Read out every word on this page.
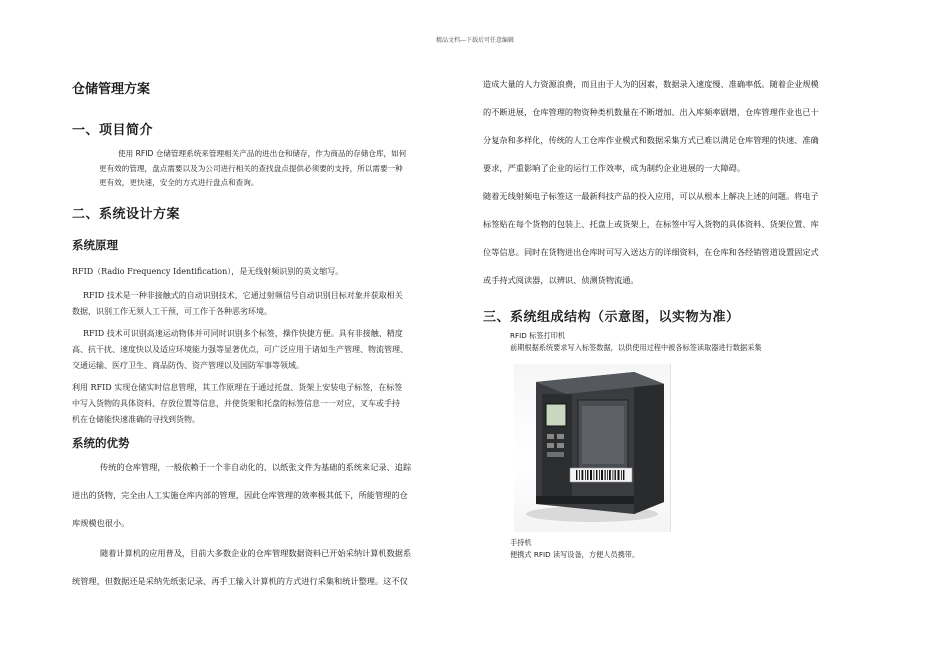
精品文档---下载后可任意编辑
仓储管理方案
一、项目简介
使用 RFID 仓储管理系统来管理相关产品的进出仓和储存，作为商品的存储仓库，如何
更有效的管理，盘点需要以及为公司进行相关的查找盘点提供必须要的支持，所以需要一种
更有效，更快速，安全的方式进行盘点和查询。
二、系统设计方案
系统原理
RFID（Radio Frequency Identification），是无线射频识别的英文缩写。
RFID 技术是一种非接触式的自动识别技术，它通过射频信号自动识别目标对象并获取相关
数据，识别工作无须人工干预，可工作于各种恶劣环境。
RFID 技术可识别高速运动物体并可同时识别多个标签，操作快捷方便。具有非接触、精度
高、抗干扰、速度快以及适应环境能力强等显著优点，可广泛应用于诸如生产管理、物流管理、
交通运输、医疗卫生、商品防伪、资产管理以及国防军事等领域。
利用 RFID 实现仓储实时信息管理，其工作原理在于通过托盘、货架上安装电子标签，在标签
中写入货物的具体资料、存放位置等信息，并使货架和托盘的标签信息一一对应，叉车或手持
机在仓储能快速准确的寻找到货物。
系统的优势
传统的仓库管理，一般依赖于一个非自动化的、以纸张文件为基础的系统来记录、追踪
进出的货物，完全由人工实施仓库内部的管理，因此仓库管理的效率极其低下，所能管理的仓
库规模也很小。
随着计算机的应用普及，目前大多数企业的仓库管理数据资料已开始采纳计算机数据系
统管理，但数据还是采纳先纸张记录、再手工输入计算机的方式进行采集和统计整理。这不仅
造成大量的人力资源浪费，而且由于人为的因素，数据录入速度慢、准确率低。随着企业规模
的不断进展，仓库管理的物资种类机数量在不断增加、出入库频率剧增，仓库管理作业也已十
分复杂和多样化，传统的人工仓库作业模式和数据采集方式已难以满足仓库管理的快速、准确
要求，严重影响了企业的运行工作效率，成为制约企业进展的一大障碍。
随着无线射频电子标签这一最新科技产品的投入应用，可以从根本上解决上述的问题。将电子
标签贴在每个货物的包装上、托盘上或货架上，在标签中写入货物的具体资料、货架位置、库
位等信息。同时在货物进出仓库时可写入送达方的详细资料，在仓库和各经销管道设置固定式
或手持式阅读器，以辨识、侦测货物流通。
三、系统组成结构（示意图，以实物为准）
RFID 标签打印机
前期根据系统要求写入标签数据，以供使用过程中被各标签读取器进行数据采集
手持机
便携式 RFID 读写设备，方便人员携带。
